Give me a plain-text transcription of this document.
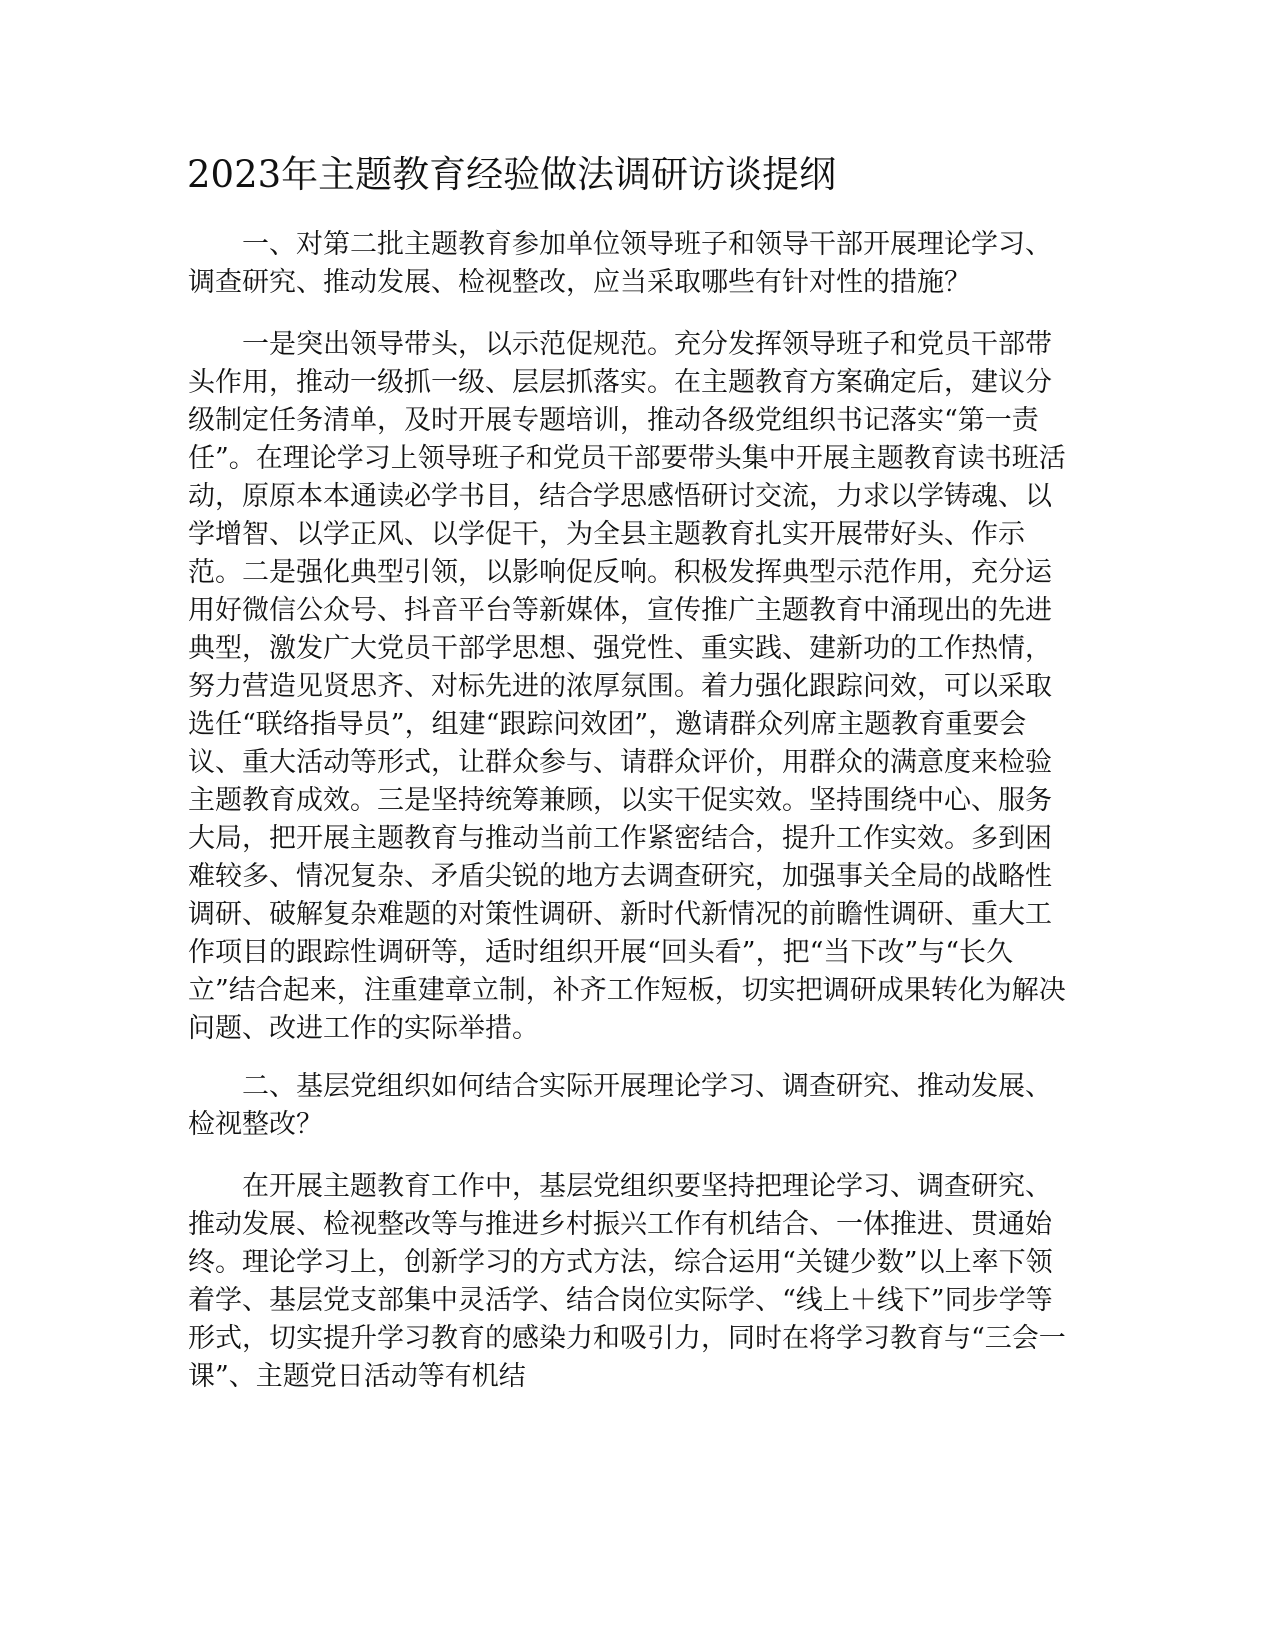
2023年主题教育经验做法调研访谈提纲

一、对第二批主题教育参加单位领导班子和领导干部开展理论学习、调查研究、推动发展、检视整改，应当采取哪些有针对性的措施？

一是突出领导带头，以示范促规范。充分发挥领导班子和党员干部带头作用，推动一级抓一级、层层抓落实。在主题教育方案确定后，建议分级制定任务清单，及时开展专题培训，推动各级党组织书记落实“第一责任”。在理论学习上领导班子和党员干部要带头集中开展主题教育读书班活动，原原本本通读必学书目，结合学思感悟研讨交流，力求以学铸魂、以学增智、以学正风、以学促干，为全县主题教育扎实开展带好头、作示范。二是强化典型引领，以影响促反响。积极发挥典型示范作用，充分运用好微信公众号、抖音平台等新媒体，宣传推广主题教育中涌现出的先进典型，激发广大党员干部学思想、强党性、重实践、建新功的工作热情，努力营造见贤思齐、对标先进的浓厚氛围。着力强化跟踪问效，可以采取选任“联络指导员”，组建“跟踪问效团”，邀请群众列席主题教育重要会议、重大活动等形式，让群众参与、请群众评价，用群众的满意度来检验主题教育成效。三是坚持统筹兼顾，以实干促实效。坚持围绕中心、服务大局，把开展主题教育与推动当前工作紧密结合，提升工作实效。多到困难较多、情况复杂、矛盾尖锐的地方去调查研究，加强事关全局的战略性调研、破解复杂难题的对策性调研、新时代新情况的前瞻性调研、重大工作项目的跟踪性调研等，适时组织开展“回头看”，把“当下改”与“长久立”结合起来，注重建章立制，补齐工作短板，切实把调研成果转化为解决问题、改进工作的实际举措。

二、基层党组织如何结合实际开展理论学习、调查研究、推动发展、检视整改？

在开展主题教育工作中，基层党组织要坚持把理论学习、调查研究、推动发展、检视整改等与推进乡村振兴工作有机结合、一体推进、贯通始终。理论学习上，创新学习的方式方法，综合运用“关键少数”以上率下领着学、基层党支部集中灵活学、结合岗位实际学、“线上＋线下”同步学等形式，切实提升学习教育的感染力和吸引力，同时在将学习教育与“三会一课”、主题党日活动等有机结
